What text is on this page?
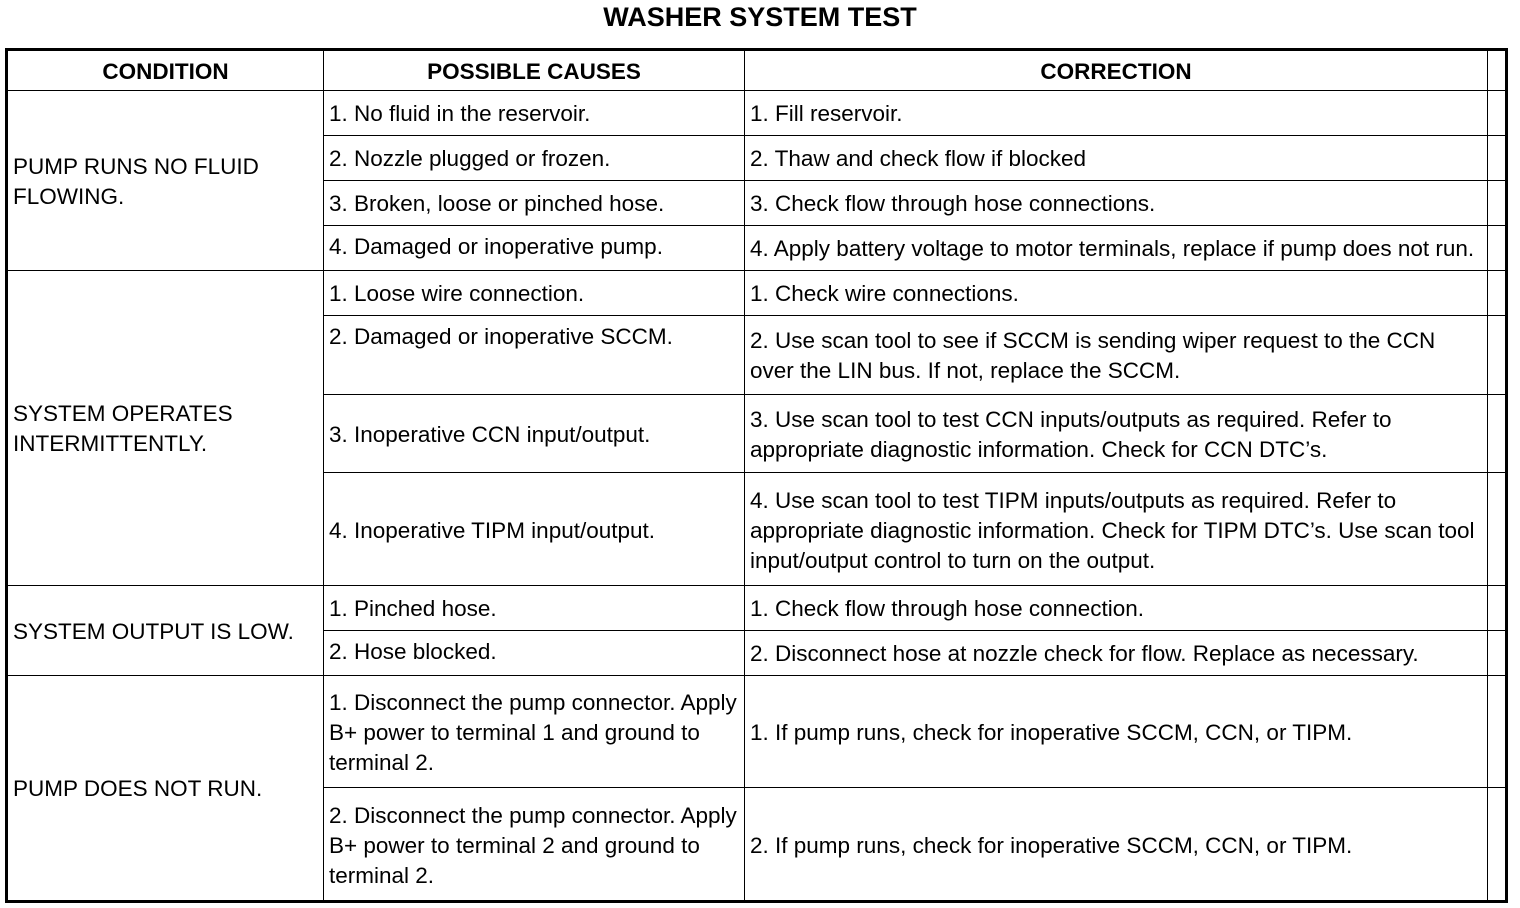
WASHER SYSTEM TEST
CONDITION	POSSIBLE CAUSES	CORRECTION	
PUMP RUNS NO FLUID FLOWING.	1. No fluid in the reservoir.	1. Fill reservoir.	
	2. Nozzle plugged or frozen.	2. Thaw and check flow if blocked	
	3. Broken, loose or pinched hose.	3. Check flow through hose connections.	
	4. Damaged or inoperative pump.	4. Apply battery voltage to motor terminals, replace if pump does not run.	
SYSTEM OPERATES INTERMITTENTLY.	1. Loose wire connection.	1. Check wire connections.	
	2. Damaged or inoperative SCCM.	2. Use scan tool to see if SCCM is sending wiper request to the CCN over the LIN bus. If not, replace the SCCM.	
	3. Inoperative CCN input/output.	3. Use scan tool to test CCN inputs/outputs as required. Refer to appropriate diagnostic information. Check for CCN DTC’s.	
	4. Inoperative TIPM input/output.	4. Use scan tool to test TIPM inputs/outputs as required. Refer to appropriate diagnostic information. Check for TIPM DTC’s. Use scan tool input/output control to turn on the output.	
SYSTEM OUTPUT IS LOW.	1. Pinched hose.	1. Check flow through hose connection.	
	2. Hose blocked.	2. Disconnect hose at nozzle check for flow. Replace as necessary.	
PUMP DOES NOT RUN.	1. Disconnect the pump connector. Apply B+ power to terminal 1 and ground to terminal 2.	1. If pump runs, check for inoperative SCCM, CCN, or TIPM.	
	2. Disconnect the pump connector. Apply B+ power to terminal 2 and ground to terminal 2.	2. If pump runs, check for inoperative SCCM, CCN, or TIPM.	
